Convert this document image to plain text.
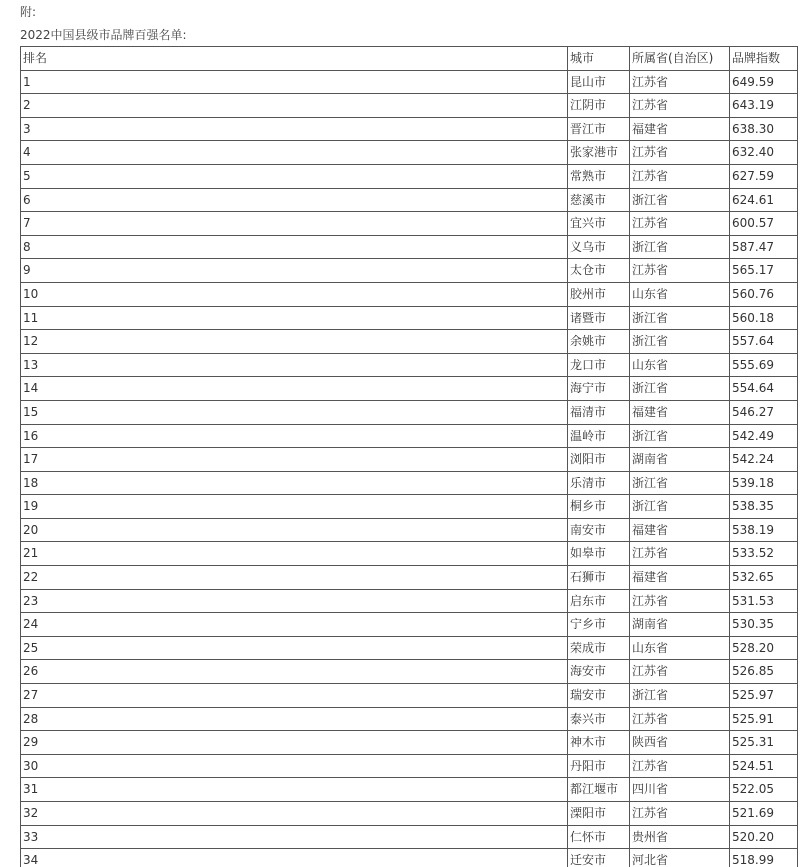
附:
2022中国县级市品牌百强名单:
排名	城市	所属省(自治区)	品牌指数
1	昆山市	江苏省	649.59
2	江阴市	江苏省	643.19
3	晋江市	福建省	638.30
4	张家港市	江苏省	632.40
5	常熟市	江苏省	627.59
6	慈溪市	浙江省	624.61
7	宜兴市	江苏省	600.57
8	义乌市	浙江省	587.47
9	太仓市	江苏省	565.17
10	胶州市	山东省	560.76
11	诸暨市	浙江省	560.18
12	余姚市	浙江省	557.64
13	龙口市	山东省	555.69
14	海宁市	浙江省	554.64
15	福清市	福建省	546.27
16	温岭市	浙江省	542.49
17	浏阳市	湖南省	542.24
18	乐清市	浙江省	539.18
19	桐乡市	浙江省	538.35
20	南安市	福建省	538.19
21	如皋市	江苏省	533.52
22	石狮市	福建省	532.65
23	启东市	江苏省	531.53
24	宁乡市	湖南省	530.35
25	荣成市	山东省	528.20
26	海安市	江苏省	526.85
27	瑞安市	浙江省	525.97
28	泰兴市	江苏省	525.91
29	神木市	陕西省	525.31
30	丹阳市	江苏省	524.51
31	都江堰市	四川省	522.05
32	溧阳市	江苏省	521.69
33	仁怀市	贵州省	520.20
34	迁安市	河北省	518.99
